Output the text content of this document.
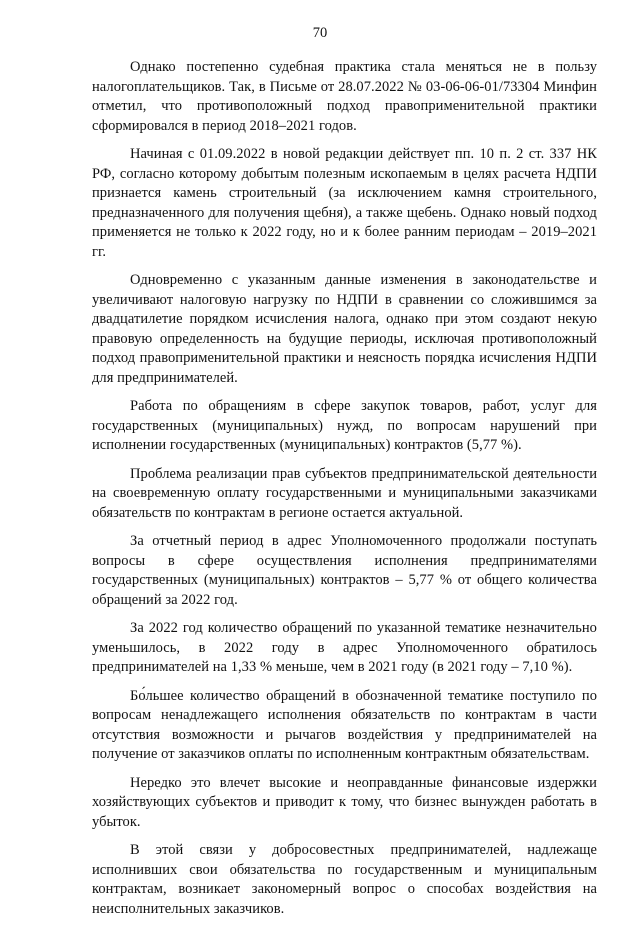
70

Однако постепенно судебная практика стала меняться не в пользу налогоплательщиков. Так, в Письме от 28.07.2022 № 03-06-06-01/73304 Минфин отметил, что противоположный подход правоприменительной практики сформировался в период 2018–2021 годов.

Начиная с 01.09.2022 в новой редакции действует пп. 10 п. 2 ст. 337 НК РФ, согласно которому добытым полезным ископаемым в целях расчета НДПИ признается камень строительный (за исключением камня строительного, предназначенного для получения щебня), а также щебень. Однако новый подход применяется не только к 2022 году, но и к более ранним периодам – 2019–2021 гг.

Одновременно с указанным данные изменения в законодательстве и увеличивают налоговую нагрузку по НДПИ в сравнении со сложившимся за двадцатилетие порядком исчисления налога, однако при этом создают некую правовую определенность на будущие периоды, исключая противоположный подход правоприменительной практики и неясность порядка исчисления НДПИ для предпринимателей.

Работа по обращениям в сфере закупок товаров, работ, услуг для государственных (муниципальных) нужд, по вопросам нарушений при исполнении государственных (муниципальных) контрактов (5,77 %).

Проблема реализации прав субъектов предпринимательской деятельности на своевременную оплату государственными и муниципальными заказчиками обязательств по контрактам в регионе остается актуальной.

За отчетный период в адрес Уполномоченного продолжали поступать вопросы в сфере осуществления исполнения предпринимателями государственных (муниципальных) контрактов – 5,77 % от общего количества обращений за 2022 год.

За 2022 год количество обращений по указанной тематике незначительно уменьшилось, в 2022 году в адрес Уполномоченного обратилось предпринимателей на 1,33 % меньше, чем в 2021 году (в 2021 году – 7,10 %).

Бо́льшее количество обращений в обозначенной тематике поступило по вопросам ненадлежащего исполнения обязательств по контрактам в части отсутствия возможности и рычагов воздействия у предпринимателей на получение от заказчиков оплаты по исполненным контрактным обязательствам.

Нередко это влечет высокие и неоправданные финансовые издержки хозяйствующих субъектов и приводит к тому, что бизнес вынужден работать в убыток.

В этой связи у добросовестных предпринимателей, надлежаще исполнивших свои обязательства по государственным и муниципальным контрактам, возникает закономерный вопрос о способах воздействия на неисполнительных заказчиков.
